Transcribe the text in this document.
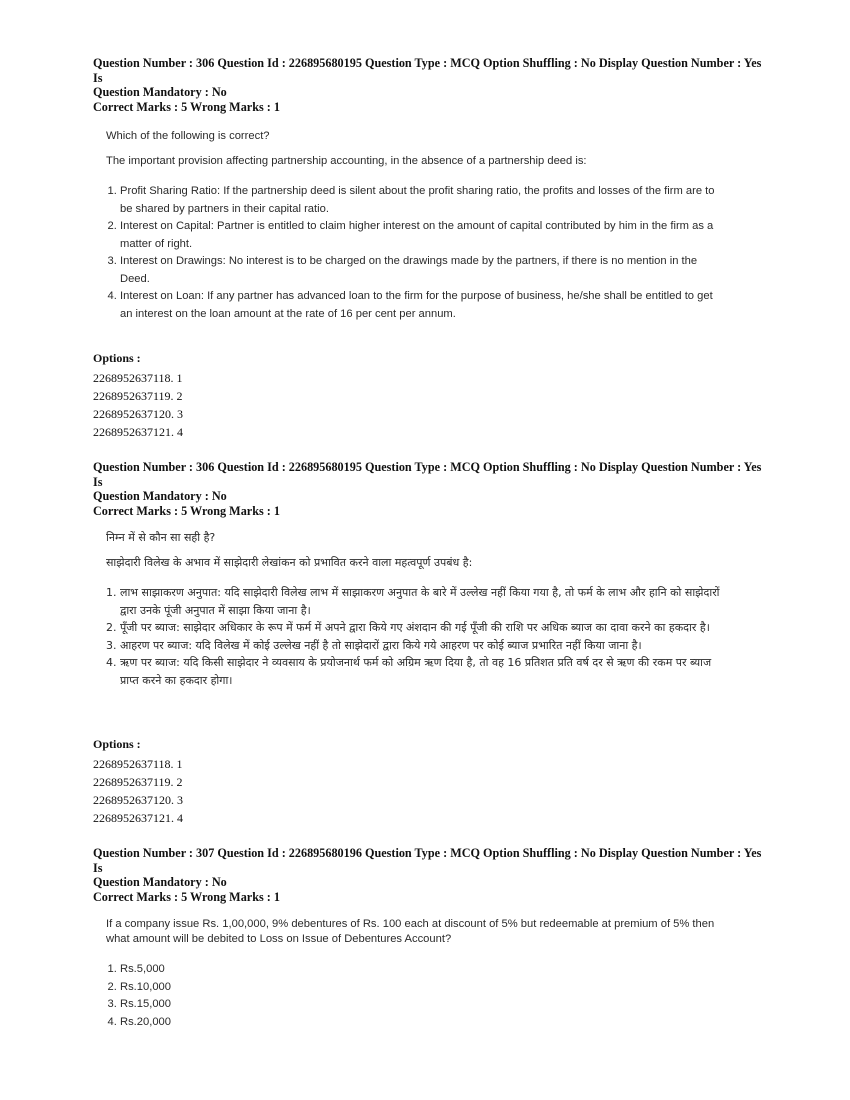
Question Number : 306 Question Id : 226895680195 Question Type : MCQ Option Shuffling : No Display Question Number : Yes Is

Question Mandatory : No

Correct Marks : 5 Wrong Marks : 1

Which of the following is correct?

The important provision affecting partnership accounting, in the absence of a partnership deed is:

1. Profit Sharing Ratio: If the partnership deed is silent about the profit sharing ratio, the profits and losses of the firm are to be shared by partners in their capital ratio.
2. Interest on Capital: Partner is entitled to claim higher interest on the amount of capital contributed by him in the firm as a matter of right.
3. Interest on Drawings: No interest is to be charged on the drawings made by the partners, if there is no mention in the Deed.
4. Interest on Loan: If any partner has advanced loan to the firm for the purpose of business, he/she shall be entitled to get an interest on the loan amount at the rate of 16 per cent per annum.
Options :
2268952637118. 1
2268952637119. 2
2268952637120. 3
2268952637121. 4

Question Number : 306 Question Id : 226895680195 Question Type : MCQ Option Shuffling : No Display Question Number : Yes Is

Question Mandatory : No

Correct Marks : 5 Wrong Marks : 1

निम्न में से कौन सा सही है?

साझेदारी विलेख के अभाव में साझेदारी लेखांकन को प्रभावित करने वाला महत्वपूर्ण उपबंध है:

1. लाभ साझाकरण अनुपात: यदि साझेदारी विलेख लाभ में साझाकरण अनुपात के बारे में उल्लेख नहीं किया गया है, तो फर्म के लाभ और हानि को साझेदारों द्वारा उनके पूंजी अनुपात में साझा किया जाना है।
2. पूँजी पर ब्याज: साझेदार अधिकार के रूप में फर्म में अपने द्वारा किये गए अंशदान की गई पूँजी की राशि पर अधिक ब्याज का दावा करने का हकदार है।
3. आहरण पर ब्याज: यदि विलेख में कोई उल्लेख नहीं है तो साझेदारों द्वारा किये गये आहरण पर कोई ब्याज प्रभारित नहीं किया जाना है।
4. ऋण पर ब्याज: यदि किसी साझेदार ने व्यवसाय के प्रयोजनार्थ फर्म को अग्रिम ऋण दिया है, तो वह 16 प्रतिशत प्रति वर्ष दर से ऋण की रकम पर ब्याज प्राप्त करने का हकदार होगा।
Options :
2268952637118. 1
2268952637119. 2
2268952637120. 3
2268952637121. 4

Question Number : 307 Question Id : 226895680196 Question Type : MCQ Option Shuffling : No Display Question Number : Yes Is

Question Mandatory : No

Correct Marks : 5 Wrong Marks : 1

If a company issue Rs. 1,00,000, 9% debentures of Rs. 100 each at discount of 5% but redeemable at premium of 5% then what amount will be debited to Loss on Issue of Debentures Account?

1. Rs.5,000
2. Rs.10,000
3. Rs.15,000
4. Rs.20,000
